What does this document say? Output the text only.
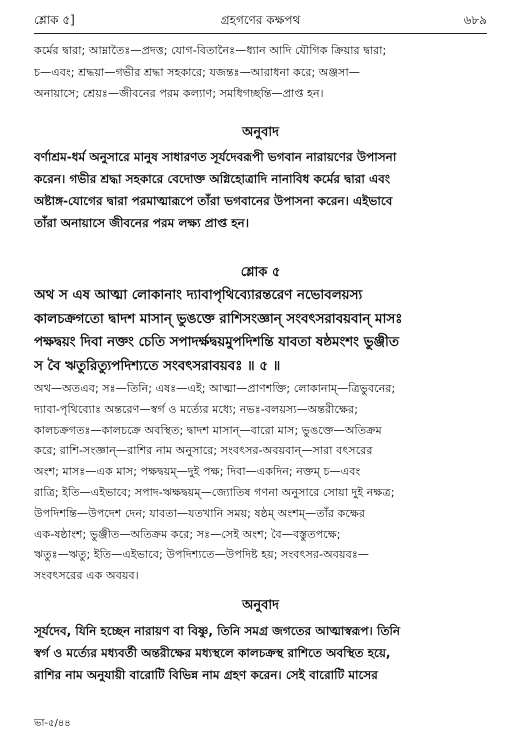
শ্লোক ৫]	গ্রহগণের কক্ষপথ	৬৮৯
কর্মের দ্বারা; আম্নাতৈঃ—প্রদত্ত; যোগ-বিতানৈঃ—ধ্যান আদি যৌগিক ক্রিয়ার দ্বারা;
চ—এবং; শ্রদ্ধয়া—গভীর শ্রদ্ধা সহকারে; যজন্তঃ—আরাধনা করে; অঞ্জসা—
অনায়াসে; শ্রেয়ঃ—জীবনের পরম কল্যাণ; সমধিগচ্ছন্তি—প্রাপ্ত হন।
অনুবাদ
বর্ণাশ্রম-ধর্ম অনুসারে মানুষ সাধারণত সূর্যদেবরূপী ভগবান নারায়ণের উপাসনা
করেন। গভীর শ্রদ্ধা সহকারে বেদোক্ত অগ্নিহোত্রাদি নানাবিধ কর্মের দ্বারা এবং
অষ্টাঙ্গ-যোগের দ্বারা পরমাত্মারূপে তাঁরা ভগবানের উপাসনা করেন। এইভাবে
তাঁরা অনায়াসে জীবনের পরম লক্ষ্য প্রাপ্ত হন।
শ্লোক ৫
অথ স এষ আত্মা লোকানাং দ্যাবাপৃথিব্যোরন্তরেণ নভোবলয়স্য
কালচক্রগতো দ্বাদশ মাসান্ ভুঙক্তে রাশিসংজ্ঞান্ সংবৎসরাবয়বান্ মাসঃ
পক্ষদ্বয়ং দিবা নক্তং চেতি সপাদর্ক্ষদ্বয়মুপদিশন্তি যাবতা ষষ্ঠমংশং ভুঞ্জীত
স বৈ ঋতুরিত্যুপদিশ্যতে সংবৎসরাবয়বঃ ॥ ৫ ॥
অথ—অতএব; সঃ—তিনি; এষঃ—এই; আত্মা—প্রাণশক্তি; লোকানাম্—ত্রিভুবনের;
দ্যাবা-পৃথিব্যোঃ অন্তরেণ—স্বর্গ ও মর্ত্যের মধ্যে; নভঃ-বলয়স্য—অন্তরীক্ষের;
কালচক্রগতঃ—কালচক্রে অবস্থিত; দ্বাদশ মাসান্—বারো মাস; ভুঙক্তে—অতিক্রম
করে; রাশি-সংজ্ঞান্—রাশির নাম অনুসারে; সংবৎসর-অবয়বান্—সারা বৎসরের
অংশ; মাসঃ—এক মাস; পক্ষদ্বয়ম্—দুই পক্ষ; দিবা—একদিন; নক্তম্ চ—এবং
রাত্রি; ইতি—এইভাবে; সপাদ-ঋক্ষদ্বয়ম্—জ্যোতিষ গণনা অনুসারে সোয়া দুই নক্ষত্র;
উপদিশন্তি—উপদেশ দেন; যাবতা—যতখানি সময়; ষষ্ঠম্ অংশম্—তাঁর কক্ষের
এক-ষষ্ঠাংশ; ভুঞ্জীত—অতিক্রম করে; সঃ—সেই অংশ; বৈ—বস্তুতপক্ষে;
ঋতুঃ—ঋতু; ইতি—এইভাবে; উপদিশ্যতে—উপদিষ্ট হয়; সংবৎসর-অবয়বঃ—
সংবৎসরের এক অবয়ব।
অনুবাদ
সূর্যদেব, যিনি হচ্ছেন নারায়ণ বা বিষ্ণু, তিনি সমগ্র জগতের আত্মাস্বরূপ। তিনি
স্বর্গ ও মর্ত্যের মধ্যবর্তী অন্তরীক্ষের মধ্যস্থলে কালচক্রস্থ রাশিতে অবস্থিত হয়ে,
রাশির নাম অনুযায়ী বারোটি বিভিন্ন নাম গ্রহণ করেন। সেই বারোটি মাসের
ভা-৫/৪৪
